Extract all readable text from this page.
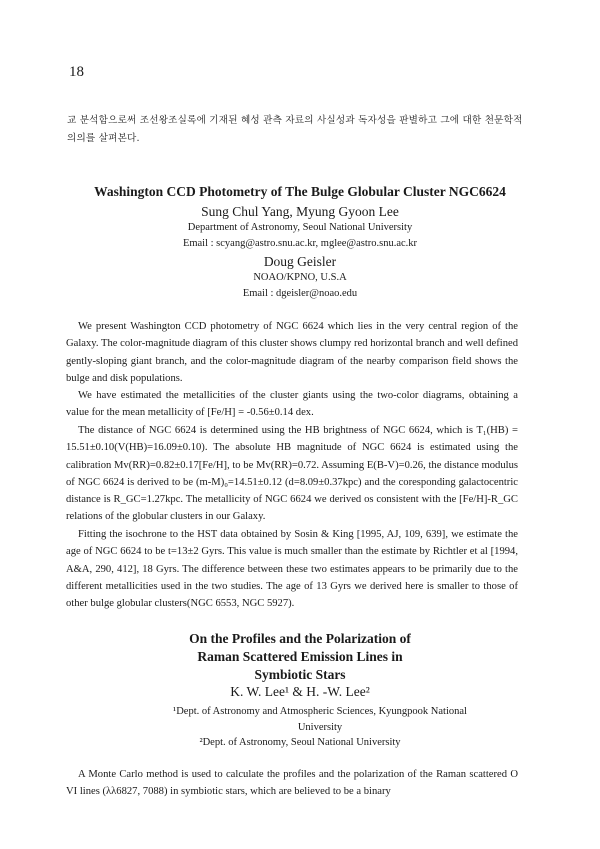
18
교 분석함으로써 조선왕조실록에 기재된 혜성 관측 자료의 사실성과 독자성을 판별하고 그에 대한 천문학적 의의를 살펴본다.
Washington CCD Photometry of The Bulge Globular Cluster NGC6624
Sung Chul Yang, Myung Gyoon Lee
Department of Astronomy, Seoul National University
Email : scyang@astro.snu.ac.kr, mglee@astro.snu.ac.kr
Doug Geisler
NOAO/KPNO, U.S.A
Email : dgeisler@noao.edu
We present Washington CCD photometry of NGC 6624 which lies in the very central region of the Galaxy. The color-magnitude diagram of this cluster shows clumpy red horizontal branch and well defined gently-sloping giant branch, and the color-magnitude diagram of the nearby comparison field shows the bulge and disk populations.
We have estimated the metallicities of the cluster giants using the two-color diagrams, obtaining a value for the mean metallicity of [Fe/H] = -0.56±0.14 dex.
The distance of NGC 6624 is determined using the HB brightness of NGC 6624, which is T₁(HB) = 15.51±0.10(V(HB)=16.09±0.10). The absolute HB magnitude of NGC 6624 is estimated using the calibration Mv(RR)=0.82±0.17[Fe/H], to be Mv(RR)=0.72. Assuming E(B-V)=0.26, the distance modulus of NGC 6624 is derived to be (m-M)₀=14.51±0.12 (d=8.09±0.37kpc) and the coresponding galactocentric distance is R_GC=1.27kpc. The metallicity of NGC 6624 we derived os consistent with the [Fe/H]-R_GC relations of the globular clusters in our Galaxy.
Fitting the isochrone to the HST data obtained by Sosin & King [1995, AJ, 109, 639], we estimate the age of NGC 6624 to be t=13±2 Gyrs. This value is much smaller than the estimate by Richtler et al [1994, A&A, 290, 412], 18 Gyrs. The difference between these two estimates appears to be primarily due to the different metallicities used in the two studies. The age of 13 Gyrs we derived here is smaller to those of other bulge globular clusters(NGC 6553, NGC 5927).
On the Profiles and the Polarization of
Raman Scattered Emission Lines in
Symbiotic Stars
K. W. Lee¹ & H. -W. Lee²
¹Dept. of Astronomy and Atmospheric Sciences, Kyungpook National University
²Dept. of Astronomy, Seoul National University
A Monte Carlo method is used to calculate the profiles and the polarization of the Raman scattered O VI lines (λλ6827, 7088) in symbiotic stars, which are believed to be a binary
